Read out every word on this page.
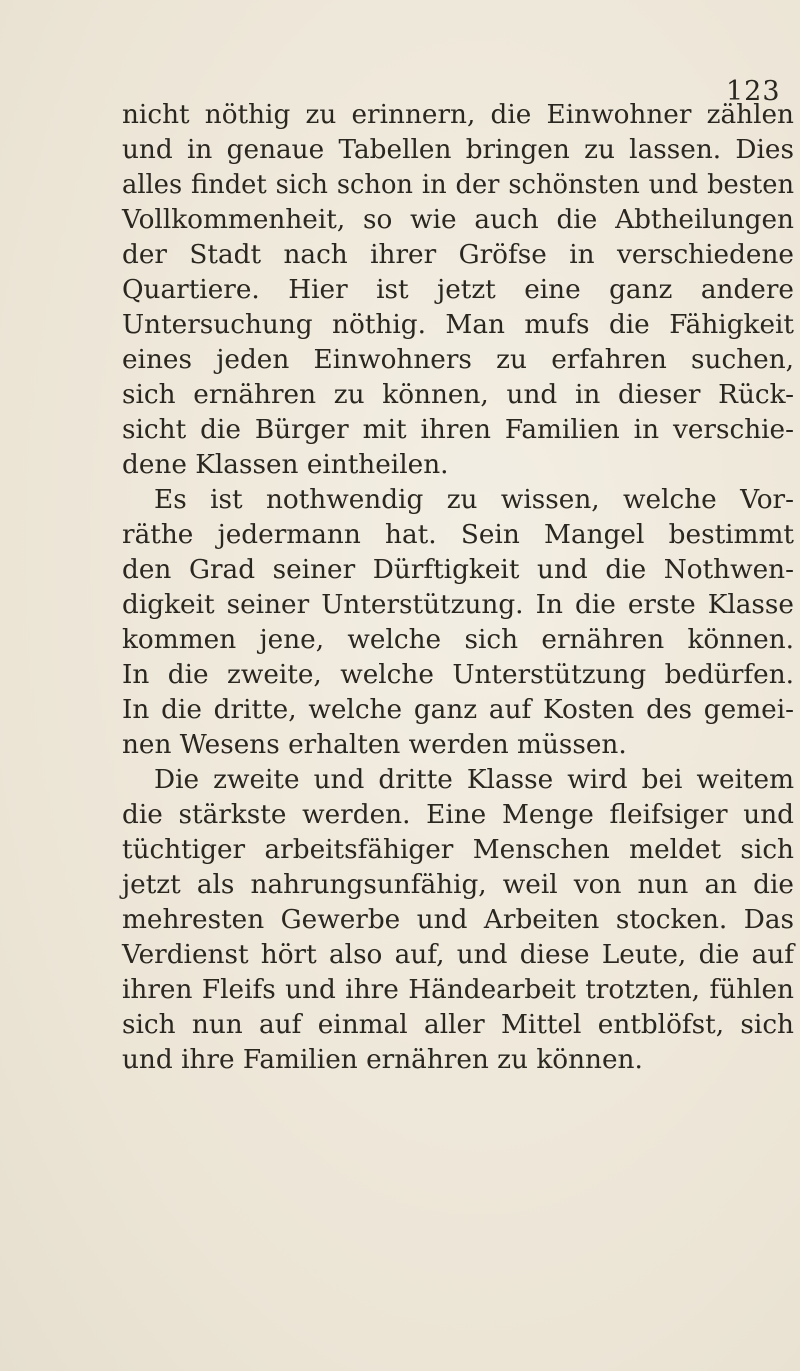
123
nicht nöthig zu erinnern, die Einwohner zählen
und in genaue Tabellen bringen zu lassen. Dies
alles findet sich schon in der schönsten und besten
Vollkommenheit, so wie auch die Abtheilungen
der Stadt nach ihrer Gröfse in verschiedene
Quartiere. Hier ist jetzt eine ganz andere
Untersuchung nöthig. Man mufs die Fähigkeit
eines jeden Einwohners zu erfahren suchen,
sich ernähren zu können, und in dieser Rück-
sicht die Bürger mit ihren Familien in verschie-
dene Klassen eintheilen.
Es ist nothwendig zu wissen, welche Vor-
räthe jedermann hat. Sein Mangel bestimmt
den Grad seiner Dürftigkeit und die Nothwen-
digkeit seiner Unterstützung. In die erste Klasse
kommen jene, welche sich ernähren können.
In die zweite, welche Unterstützung bedürfen.
In die dritte, welche ganz auf Kosten des gemei-
nen Wesens erhalten werden müssen.
Die zweite und dritte Klasse wird bei weitem
die stärkste werden. Eine Menge fleifsiger und
tüchtiger arbeitsfähiger Menschen meldet sich
jetzt als nahrungsunfähig, weil von nun an die
mehresten Gewerbe und Arbeiten stocken. Das
Verdienst hört also auf, und diese Leute, die auf
ihren Fleifs und ihre Händearbeit trotzten, fühlen
sich nun auf einmal aller Mittel entblöfst, sich
und ihre Familien ernähren zu können.
